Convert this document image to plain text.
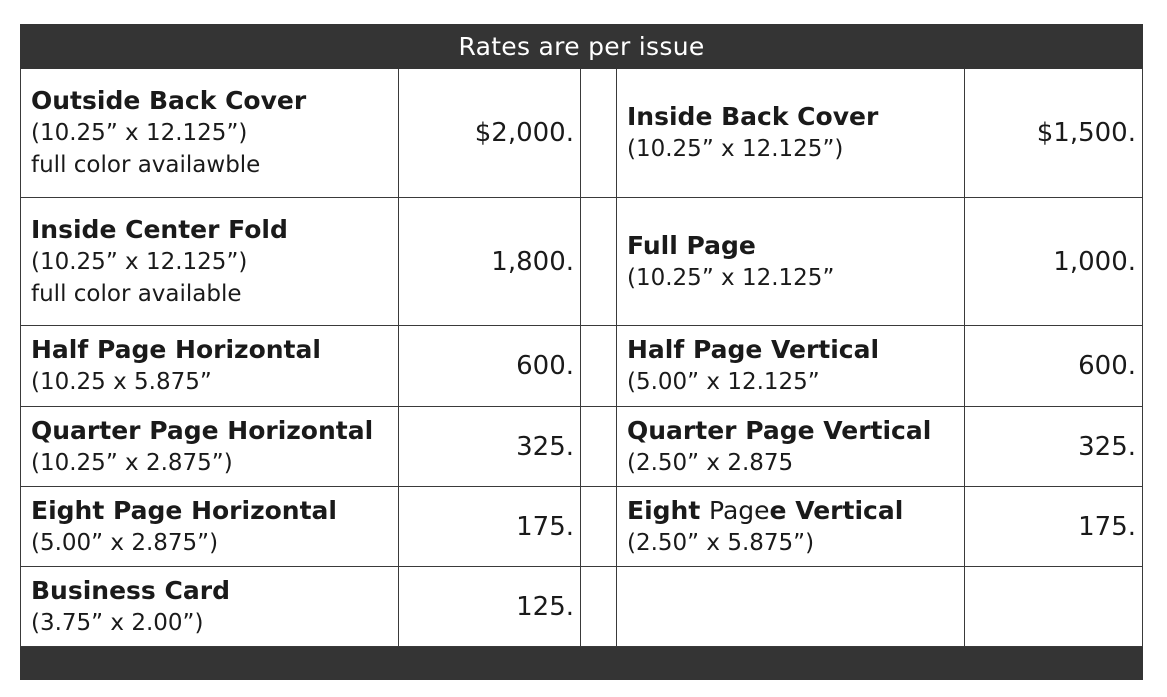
Rates are per issue
Outside Back Cover
(10.25” x 12.125”)
full color availawble
$2,000.
Inside Back Cover
(10.25” x 12.125”)
$1,500.
Inside Center Fold
(10.25” x 12.125”)
full color available
1,800.
Full Page
(10.25” x 12.125”
1,000.
Half Page Horizontal
(10.25 x 5.875”
600.
Half Page Vertical
(5.00” x 12.125”
600.
Quarter Page Horizontal
(10.25” x 2.875”)
325.
Quarter Page Vertical
(2.50” x 2.875
325.
Eight Page Horizontal
(5.00” x 2.875”)
175.
Eight Pagee Vertical
(2.50” x 5.875”)
175.
Business Card
(3.75” x 2.00”)
125.
